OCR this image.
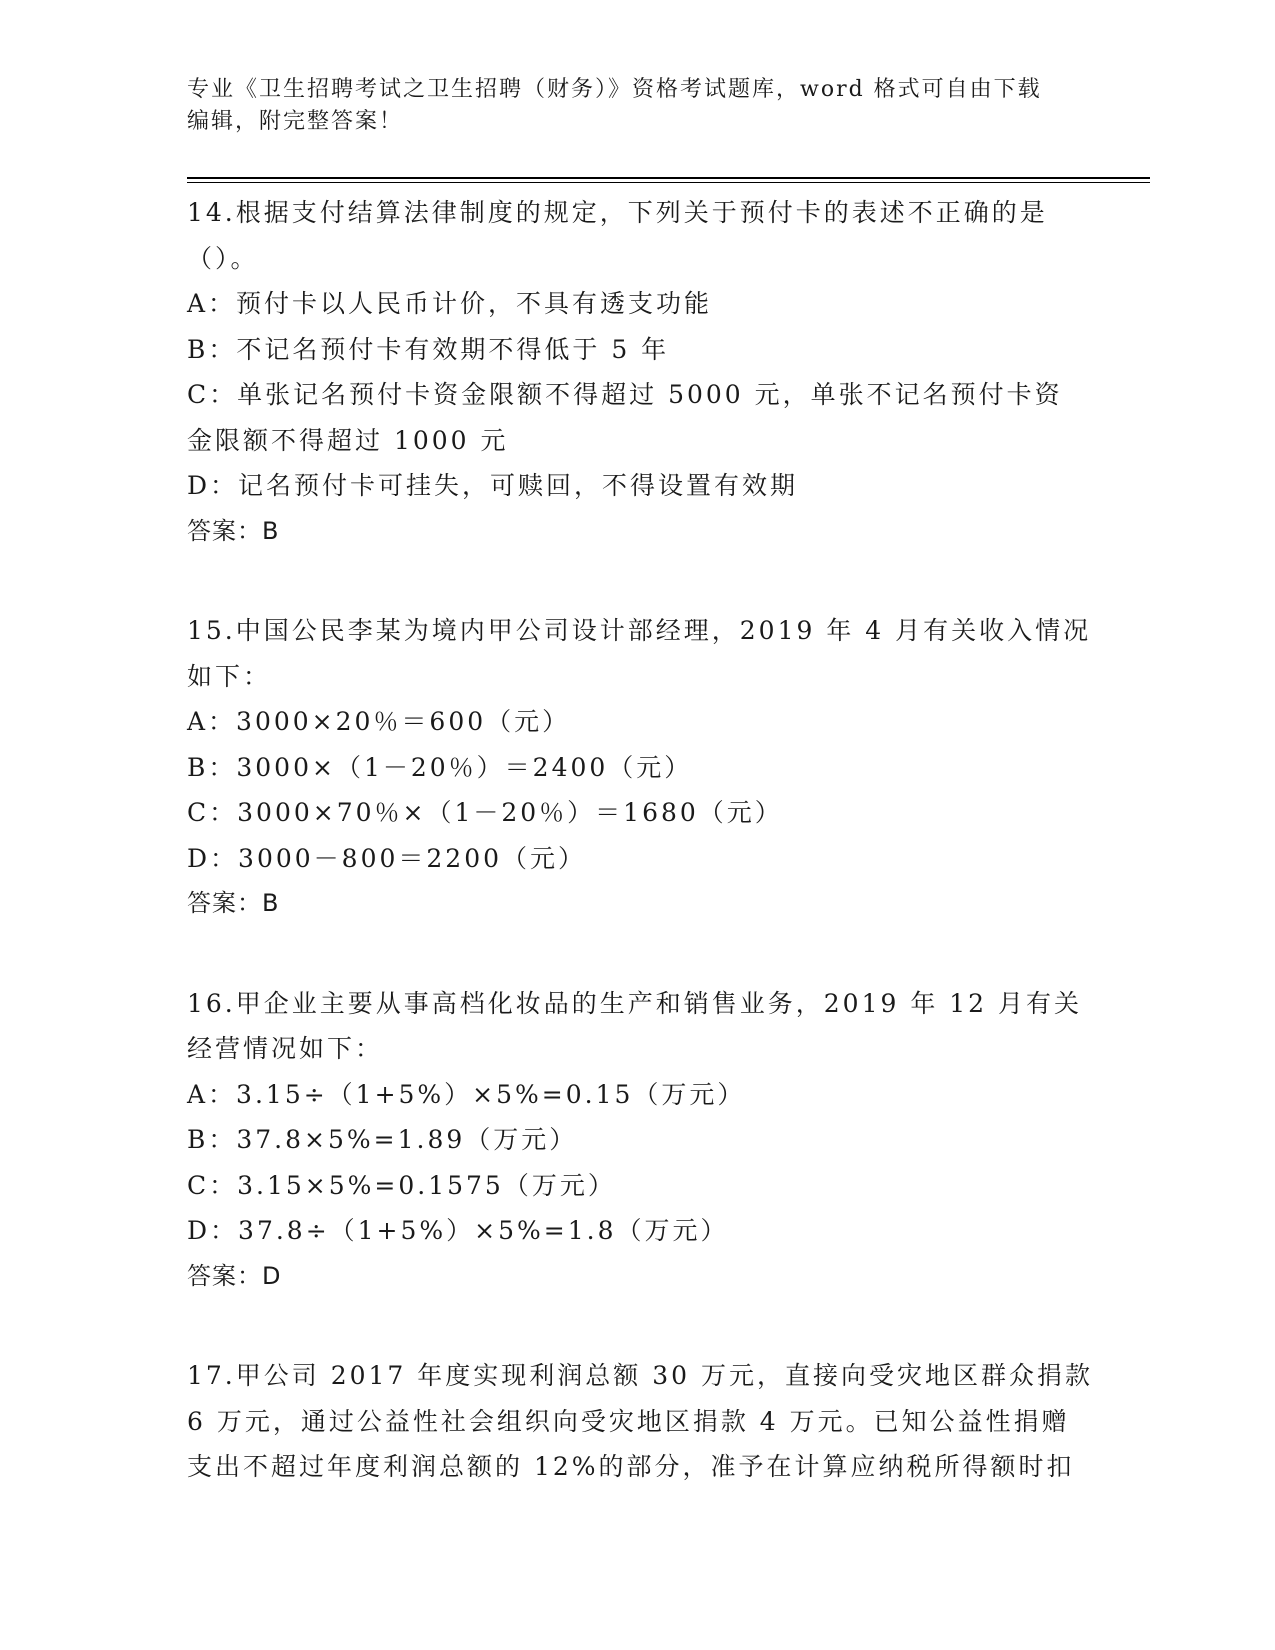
专业《卫生招聘考试之卫生招聘（财务）》资格考试题库，word 格式可自由下载
编辑，附完整答案！
14.根据支付结算法律制度的规定，下列关于预付卡的表述不正确的是
（）。
A：预付卡以人民币计价，不具有透支功能
B：不记名预付卡有效期不得低于 5 年
C：单张记名预付卡资金限额不得超过 5000 元，单张不记名预付卡资
金限额不得超过 1000 元
D：记名预付卡可挂失，可赎回，不得设置有效期
答案：B
15.中国公民李某为境内甲公司设计部经理，2019 年 4 月有关收入情况
如下：
A：3000×20％＝600（元）
B：3000×（1－20％）＝2400（元）
C：3000×70％×（1－20％）＝1680（元）
D：3000－800＝2200（元）
答案：B
16.甲企业主要从事高档化妆品的生产和销售业务，2019 年 12 月有关
经营情况如下：
A：3.15÷（1+5%）×5%=0.15（万元）
B：37.8×5%=1.89（万元）
C：3.15×5%=0.1575（万元）
D：37.8÷（1+5%）×5%=1.8（万元）
答案：D
17.甲公司 2017 年度实现利润总额 30 万元，直接向受灾地区群众捐款
6 万元，通过公益性社会组织向受灾地区捐款 4 万元。已知公益性捐赠
支出不超过年度利润总额的 12%的部分，准予在计算应纳税所得额时扣
